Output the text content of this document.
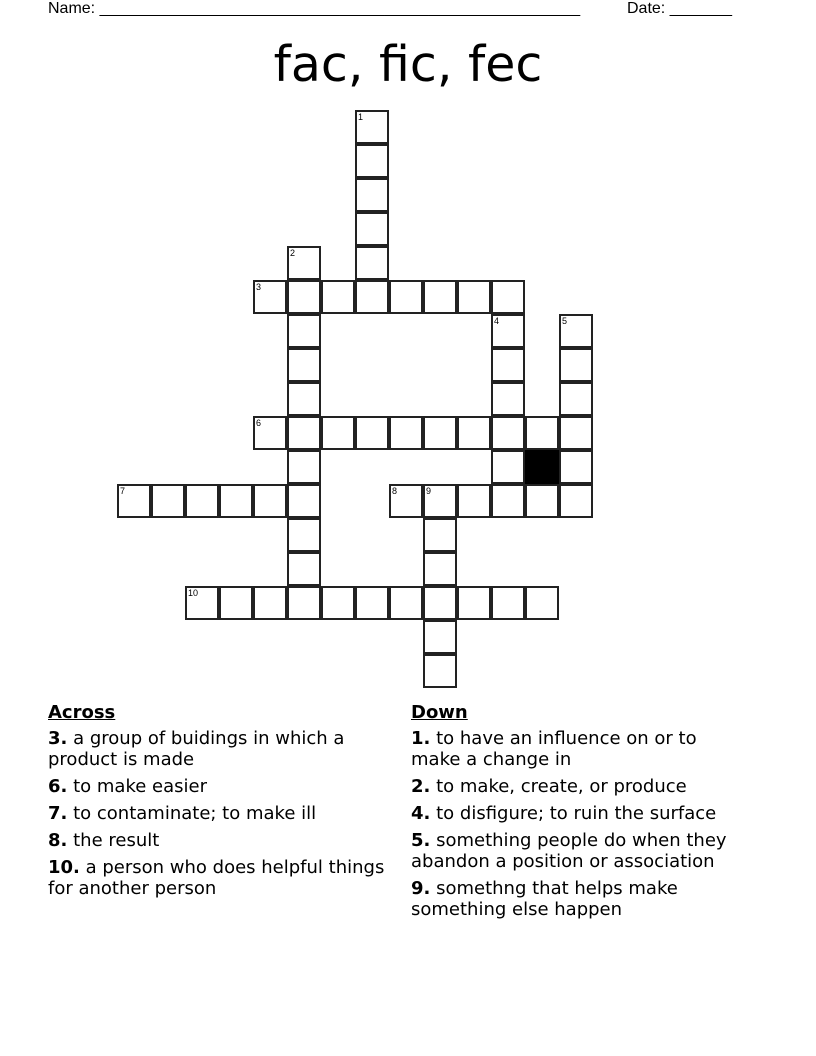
Name: ______________________________________________________	Date: _______
fac, fic, fec
1
2
3
4	5
6
7	8	9
10
Across
3. a group of buidings in which a product is made
6. to make easier
7. to contaminate; to make ill
8. the result
10. a person who does helpful things for another person
Down
1. to have an influence on or to make a change in
2. to make, create, or produce
4. to disfigure; to ruin the surface
5. something people do when they abandon a position or association
9. somethng that helps make something else happen
